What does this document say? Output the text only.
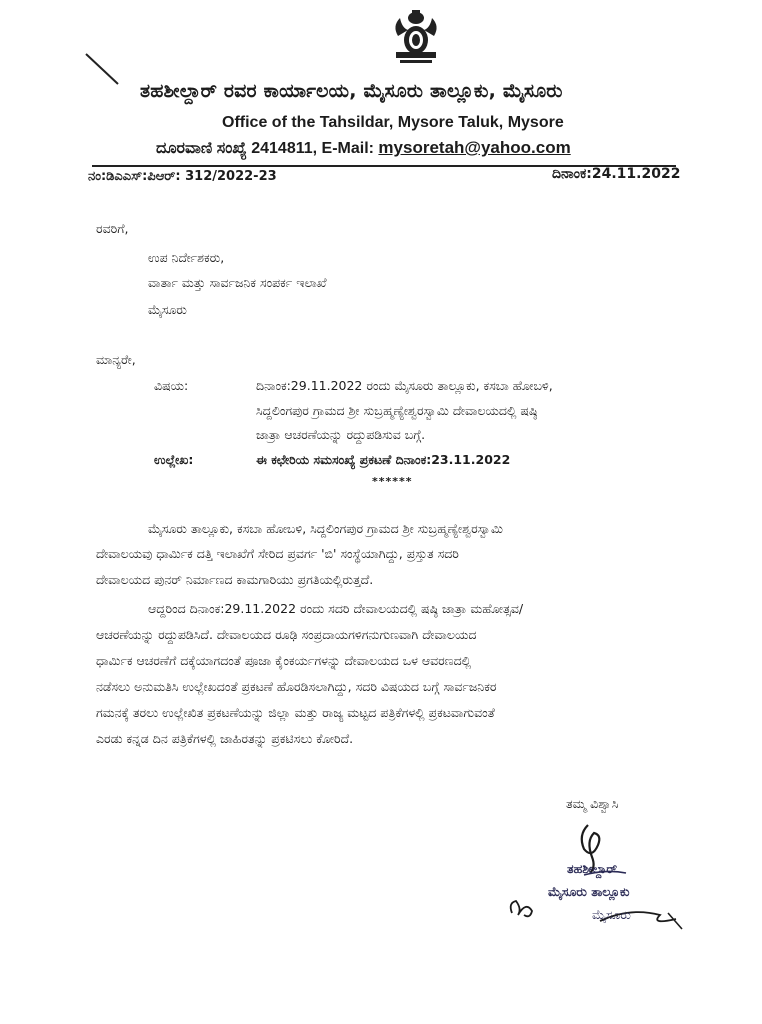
ತಹಶೀಲ್ದಾರ್ ರವರ ಕಾರ್ಯಾಲಯ, ಮೈಸೂರು ತಾಲ್ಲೂಕು, ಮೈಸೂರು
Office of the Tahsildar, Mysore Taluk, Mysore
ದೂರವಾಣಿ ಸಂಖ್ಯೆ 2414811, E-Mail: mysoretah@yahoo.com
ನಂ:ಡಿಎಎಸ್:ಪಿಆರ್: 312/2022-23	ದಿನಾಂಕ:24.11.2022
ರವರಿಗೆ,
ಉಪ ನಿರ್ದೇಶಕರು,
ವಾರ್ತಾ ಮತ್ತು ಸಾರ್ವಜನಿಕ ಸಂಪರ್ಕ ಇಲಾಖೆ
ಮೈಸೂರು
ಮಾನ್ಯರೇ,
ವಿಷಯ:	ದಿನಾಂಕ:29.11.2022 ರಂದು ಮೈಸೂರು ತಾಲ್ಲೂಕು, ಕಸಬಾ ಹೋಬಳಿ,
ಸಿದ್ದಲಿಂಗಪುರ ಗ್ರಾಮದ ಶ್ರೀ ಸುಬ್ರಹ್ಮಣ್ಯೇಶ್ವರಸ್ವಾಮಿ ದೇವಾಲಯದಲ್ಲಿ ಷಷ್ಠಿ
ಜಾತ್ರಾ ಆಚರಣೆಯನ್ನು ರದ್ದುಪಡಿಸುವ ಬಗ್ಗೆ.
ಉಲ್ಲೇಖ:	ಈ ಕಛೇರಿಯ ಸಮಸಂಖ್ಯೆ ಪ್ರಕಟಣೆ ದಿನಾಂಕ:23.11.2022
******
ಮೈಸೂರು ತಾಲ್ಲೂಕು, ಕಸಬಾ ಹೋಬಳಿ, ಸಿದ್ದಲಿಂಗಪುರ ಗ್ರಾಮದ ಶ್ರೀ ಸುಬ್ರಹ್ಮಣ್ಯೇಶ್ವರಸ್ವಾಮಿ
ದೇವಾಲಯವು ಧಾರ್ಮಿಕ ದತ್ತಿ ಇಲಾಖೆಗೆ ಸೇರಿದ ಪ್ರವರ್ಗ 'ಬಿ' ಸಂಸ್ಥೆಯಾಗಿದ್ದು, ಪ್ರಸ್ತುತ ಸದರಿ
ದೇವಾಲಯದ ಪುನರ್ ನಿರ್ಮಾಣದ ಕಾಮಗಾರಿಯು ಪ್ರಗತಿಯಲ್ಲಿರುತ್ತದೆ.
ಆದ್ದರಿಂದ ದಿನಾಂಕ:29.11.2022 ರಂದು ಸದರಿ ದೇವಾಲಯದಲ್ಲಿ ಷಷ್ಠಿ ಜಾತ್ರಾ ಮಹೋತ್ಸವ/
ಆಚರಣೆಯನ್ನು ರದ್ದುಪಡಿಸಿದೆ. ದೇವಾಲಯದ ರೂಢಿ ಸಂಪ್ರದಾಯಗಳಿಗನುಗುಣವಾಗಿ ದೇವಾಲಯದ
ಧಾರ್ಮಿಕ ಆಚರಣೆಗೆ ದಕ್ಕೆಯಾಗದಂತೆ ಪೂಜಾ ಕೈಂಕರ್ಯಗಳನ್ನು ದೇವಾಲಯದ ಒಳ ಆವರಣದಲ್ಲಿ
ನಡೆಸಲು ಅನುಮತಿಸಿ ಉಲ್ಲೇಖದಂತೆ ಪ್ರಕಟಣೆ ಹೊರಡಿಸಲಾಗಿದ್ದು, ಸದರಿ ವಿಷಯದ ಬಗ್ಗೆ ಸಾರ್ವಜನಿಕರ
ಗಮನಕ್ಕೆ ತರಲು ಉಲ್ಲೇಖಿತ ಪ್ರಕಟಣೆಯನ್ನು ಜಿಲ್ಲಾ ಮತ್ತು ರಾಜ್ಯ ಮಟ್ಟದ ಪತ್ರಿಕೆಗಳಲ್ಲಿ ಪ್ರಕಟವಾಗುವಂತೆ
ಎರಡು ಕನ್ನಡ ದಿನ ಪತ್ರಿಕೆಗಳಲ್ಲಿ ಜಾಹಿರತನ್ನು ಪ್ರಕಟಿಸಲು ಕೋರಿದೆ.
ತಮ್ಮ ವಿಶ್ವಾಸಿ
ತಹಶೀಲ್ದಾರ್
ಮೈಸೂರು ತಾಲ್ಲೂಕು
ಮೈಸೂರು
